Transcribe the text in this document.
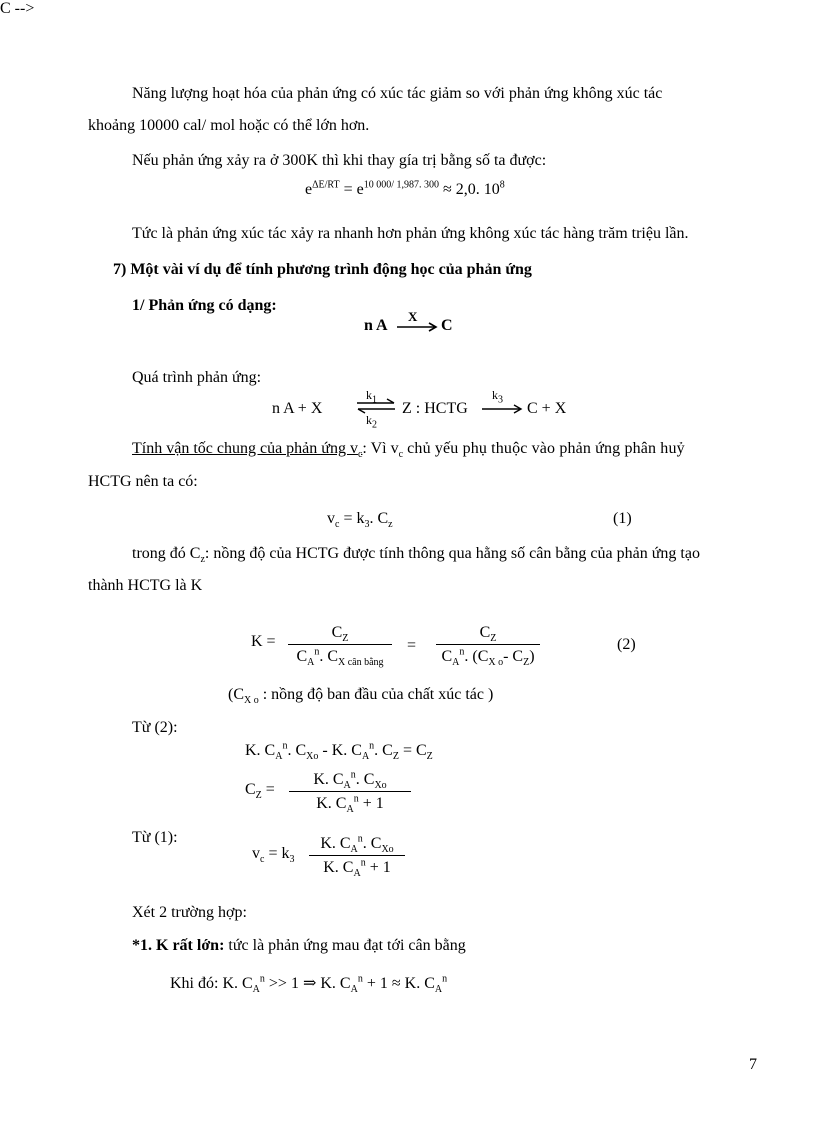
Năng lượng hoạt hóa của phản ứng có xúc tác giảm so với phản ứng không xúc tác
khoảng 10000 cal/ mol hoặc có thể lớn hơn.
Nếu phản ứng xảy ra ở 300K thì khi thay gía trị bằng số ta được:
$e^{\Delta E/RT} = e^{10 000/ 1,987. 300} \approx 2,0$. $10^8$
Tức là phản ứng xúc tác xảy ra nhanh hơn phản ứng không xúc tác hàng trăm triệu lần.
7) Một vài ví dụ để tính phương trình động học của phản ứng
1/ Phản ứng có dạng:
C -->
n A
X
C
Quá trình phản ứng:
n A + X
$k_1$
$k_2$
Z : HCTG
$k_3$
C + X
Tính vận tốc chung của phản ứng $v_c$: Vì $v_c$ chủ yếu phụ thuộc vào phản ứng phân huỷ
HCTG nên ta có:
$v_c = k_3$. $C_z$	(1)
trong đó $C_z$: nồng độ của HCTG được tính thông qua hằng số cân bằng của phản ứng tạo
thành HCTG là K
K =
$C_Z$
$C_A^n$. $C_{X cân bằng}$
=
$C_Z$
$C_A^n$. ($C_{X o}-$ $C_Z$)
(2)
($C_{X o}$ : nồng độ ban đầu của chất xúc tác )
Từ (2):
K. $C_A^n$. $C_{Xo}$ - K. $C_A^n$. $C_Z = C_Z$
$C_Z$ =
K. $C_A^n$. $C_{Xo}$
K. $C_A^n + 1$
Từ (1):
$v_c = k_3$
K. $C_A^n$. $C_{Xo}$
K. $C_A^n + 1$
Xét 2 trường hợp:
*1. K rất lớn: tức là phản ứng mau đạt tới cân bằng
Khi đó: K. $C_A^n >> 1$ ⇒ K. $C_A^n + 1 \approx K$. $C_A^n$
7
